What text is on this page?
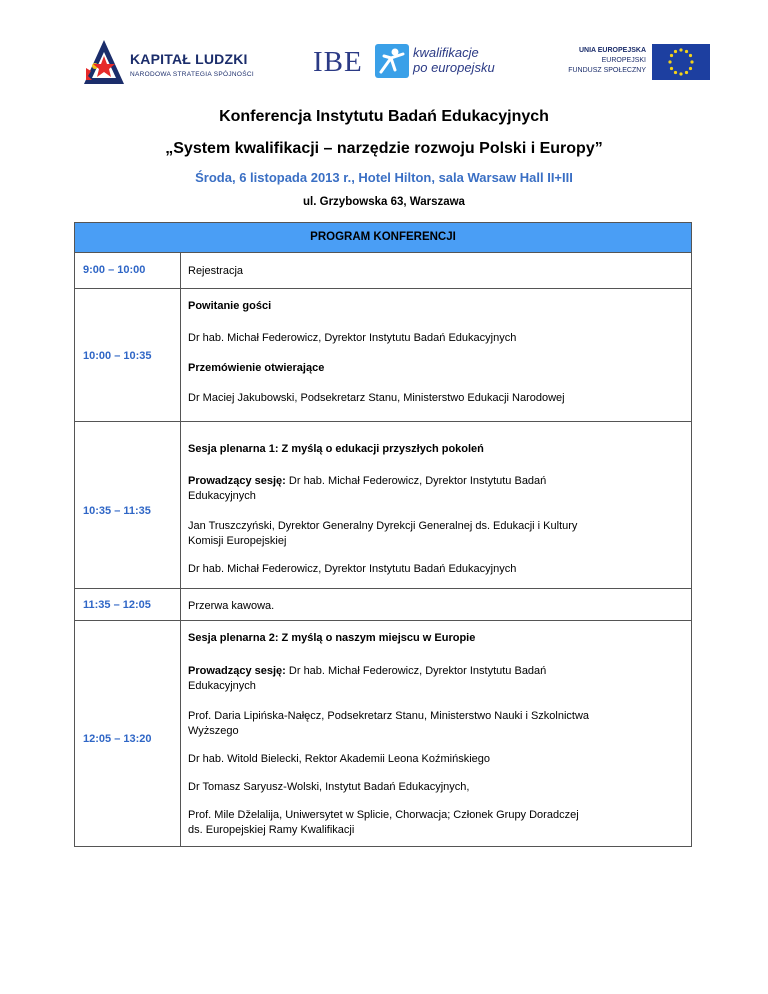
KAPITAŁ LUDZKI
NARODOWA STRATEGIA SPÓJNOŚCI IBE	kwalifikacje
po europejsku
UNIA EUROPEJSKA
EUROPEJSKI
FUNDUSZ SPOŁECZNY
Konferencja Instytutu Badań Edukacyjnych
„System kwalifikacji – narzędzie rozwoju Polski i Europy”
Środa, 6 listopada 2013 r., Hotel Hilton, sala Warsaw Hall II+III
ul. Grzybowska 63, Warszawa
PROGRAM KONFERENCJI
9:00 – 10:00	Rejestracja
10:00 – 10:35
Powitanie gości
Dr hab. Michał Federowicz, Dyrektor Instytutu Badań Edukacyjnych
Przemówienie otwierające
Dr Maciej Jakubowski, Podsekretarz Stanu, Ministerstwo Edukacji Narodowej
10:35 – 11:35
Sesja plenarna 1: Z myślą o edukacji przyszłych pokoleń
Prowadzący sesję: Dr hab. Michał Federowicz, Dyrektor Instytutu Badań
Edukacyjnych
Jan Truszczyński, Dyrektor Generalny Dyrekcji Generalnej ds. Edukacji i Kultury
Komisji Europejskiej
Dr hab. Michał Federowicz, Dyrektor Instytutu Badań Edukacyjnych
11:35 – 12:05	Przerwa kawowa.
12:05 – 13:20
Sesja plenarna 2: Z myślą o naszym miejscu w Europie
Prowadzący sesję: Dr hab. Michał Federowicz, Dyrektor Instytutu Badań
Edukacyjnych
Prof. Daria Lipińska-Nałęcz, Podsekretarz Stanu, Ministerstwo Nauki i Szkolnictwa
Wyższego
Dr hab. Witold Bielecki, Rektor Akademii Leona Koźmińskiego
Dr Tomasz Saryusz-Wolski, Instytut Badań Edukacyjnych,
Prof. Mile Dželalija, Uniwersytet w Splicie, Chorwacja; Członek Grupy Doradczej
ds. Europejskiej Ramy Kwalifikacji
